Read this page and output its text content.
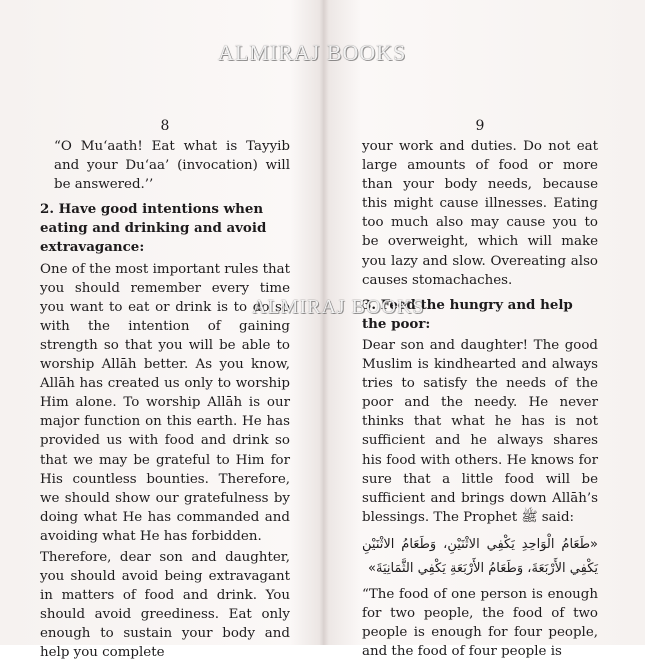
8

“O Mu‘aath! Eat what is Tayyib and your Du‘aa’ (invocation) will be answered.’’

2. Have good intentions when eating and drinking and avoid extravagance:

One of the most important rules that you should remember every time you want to eat or drink is to do so with the intention of gaining strength so that you will be able to worship Allāh better. As you know, Allāh has created us only to worship Him alone. To worship Allāh is our major function on this earth. He has provided us with food and drink so that we may be grateful to Him for His countless bounties. Therefore, we should show our gratefulness by doing what He has commanded and avoiding what He has forbidden.

Therefore, dear son and daughter, you should avoid being extravagant in matters of food and drink. You should avoid greediness. Eat only enough to sustain your body and help you complete

9

your work and duties. Do not eat large amounts of food or more than your body needs, because this might cause illnesses. Eating too much also may cause you to be overweight, which will make you lazy and slow. Overeating also causes stomachaches.

3. Feed the hungry and help the poor:

Dear son and daughter! The good Muslim is kindhearted and always tries to satisfy the needs of the poor and the needy. He never thinks that what he has is not sufficient and he always shares his food with others. He knows for sure that a little food will be sufficient and brings down Allāh’s blessings. The Prophet ﷺ said:

«طَعَامُ الْوَاحِدِ يَكْفِي الاثْنَيْنِ، وَطَعَامُ الاثْنَيْنِ يَكْفِي الأَرْبَعَةَ، وَطَعَامُ الأَرْبَعَةِ يَكْفِي الثَّمَانِيَةَ»

“The food of one person is enough for two people, the food of two people is enough for four people, and the food of four people is

ALMIRAJ BOOKS
ALMIRAJ BOOKS
